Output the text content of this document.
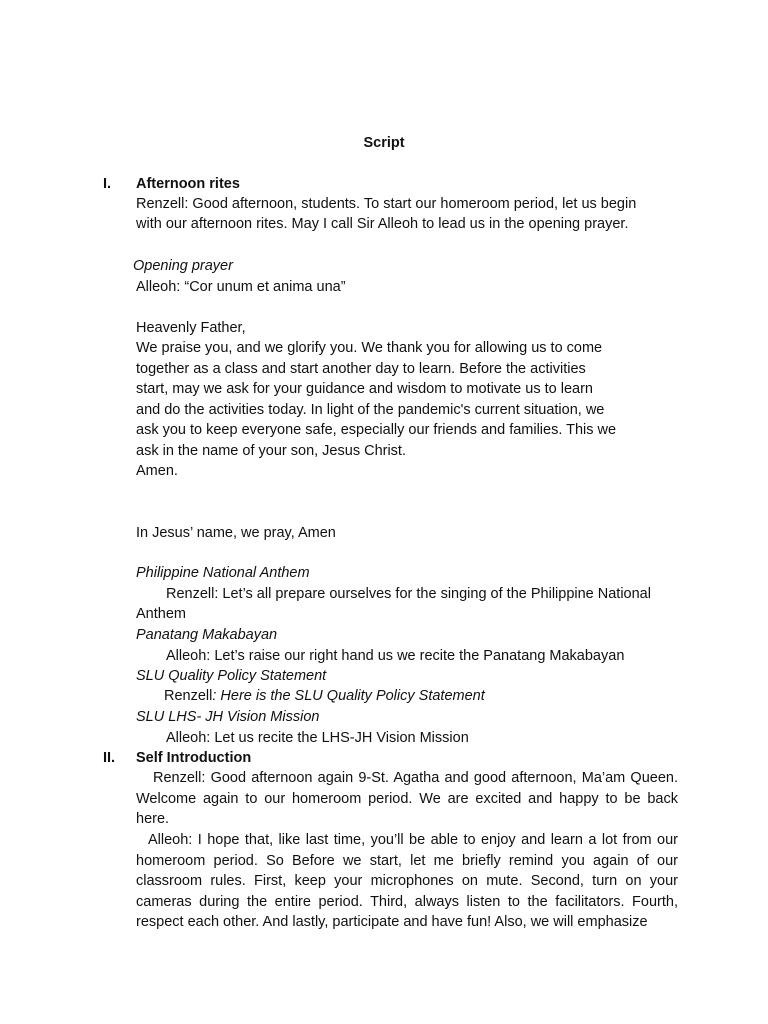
Script
I. Afternoon rites
Renzell: Good afternoon, students. To start our homeroom period, let us begin
with our afternoon rites. May I call Sir Alleoh to lead us in the opening prayer.
Opening prayer
Alleoh: “Cor unum et anima una”
Heavenly Father,
We praise you, and we glorify you. We thank you for allowing us to come
together as a class and start another day to learn. Before the activities
start, may we ask for your guidance and wisdom to motivate us to learn
and do the activities today. In light of the pandemic's current situation, we
ask you to keep everyone safe, especially our friends and families. This we
ask in the name of your son, Jesus Christ.
Amen.
In Jesus’ name, we pray, Amen
Philippine National Anthem
Renzell: Let’s all prepare ourselves for the singing of the Philippine National
Anthem
Panatang Makabayan
Alleoh: Let’s raise our right hand us we recite the Panatang Makabayan
SLU Quality Policy Statement
Renzell: Here is the SLU Quality Policy Statement
SLU LHS- JH Vision Mission
Alleoh: Let us recite the LHS-JH Vision Mission
II. Self Introduction
Renzell: Good afternoon again 9-St. Agatha and good afternoon, Ma’am Queen. Welcome again to our homeroom period. We are excited and happy to be back here.
Alleoh: I hope that, like last time, you’ll be able to enjoy and learn a lot from our homeroom period. So Before we start, let me briefly remind you again of our classroom rules. First, keep your microphones on mute. Second, turn on your cameras during the entire period. Third, always listen to the facilitators. Fourth, respect each other. And lastly, participate and have fun! Also, we will emphasize
